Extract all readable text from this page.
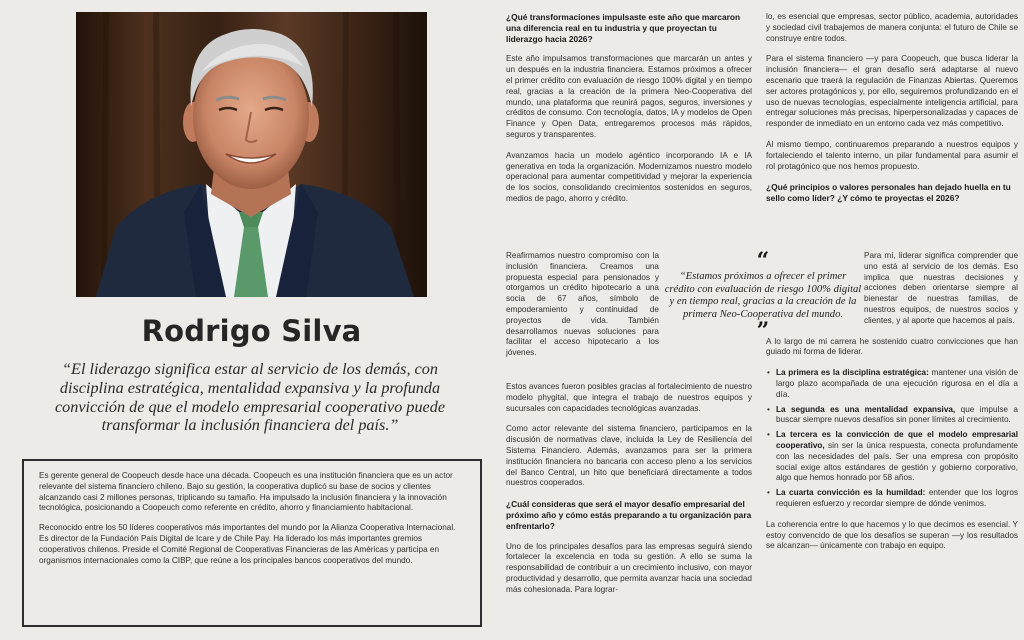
Rodrigo Silva
“El liderazgo significa estar al servicio de los demás, con disciplina estratégica, mentalidad expansiva y la profunda convicción de que el modelo empresarial cooperativo puede transformar la inclusión financiera del país.”

Es gerente general de Coopeuch desde hace una década. Coopeuch es una institución financiera que es un actor relevante del sistema financiero chileno. Bajo su gestión, la cooperativa duplicó su base de socios y clientes alcanzando casi 2 millones personas, triplicando su tamaño. Ha impulsado la inclusión financiera y la innovación tecnológica, posicionando a Coopeuch como referente en crédito, ahorro y financiamiento habitacional.

Reconocido entre los 50 líderes cooperativos más importantes del mundo por la Alianza Cooperativa Internacional. Es director de la Fundación País Digital de Icare y de Chile Pay. Ha liderado los más importantes gremios cooperativos chilenos. Preside el Comité Regional de Cooperativas Financieras de las Américas y participa en organismos internacionales como la CIBP, que reúne a los principales bancos cooperativos del mundo.

¿Qué transformaciones impulsaste este año que marcaron una diferencia real en tu industria y que proyectan tu liderazgo hacia 2026?

Este año impulsamos transformaciones que marcarán un antes y un después en la industria financiera. Estamos próximos a ofrecer el primer crédito con evaluación de riesgo 100% digital y en tiempo real, gracias a la creación de la primera Neo-Cooperativa del mundo, una plataforma que reunirá pagos, seguros, inversiones y créditos de consumo. Con tecnología, datos, IA y modelos de Open Finance y Open Data, entregaremos procesos más rápidos, seguros y transparentes.

Avanzamos hacia un modelo agéntico incorporando IA e IA generativa en toda la organización. Modernizamos nuestro modelo operacional para aumentar competitividad y mejorar la experiencia de los socios, consolidando crecimientos sostenidos en seguros, medios de pago, ahorro y crédito.

Reafirmamos nuestro compromiso con la inclusión financiera. Creamos una propuesta especial para pensionados y otorgamos un crédito hipotecario a una socia de 67 años, símbolo de empoderamiento y continuidad de proyectos de vida. También desarrollamos nuevas soluciones para facilitar el acceso hipotecario a los jóvenes.

“
“Estamos próximos a ofrecer el primer crédito con evaluación de riesgo 100% digital y en tiempo real, gracias a la creación de la primera Neo-Cooperativa del mundo.
”

Estos avances fueron posibles gracias al fortalecimiento de nuestro modelo phygital, que integra el trabajo de nuestros equipos y sucursales con capacidades tecnológicas avanzadas.

Como actor relevante del sistema financiero, participamos en la discusión de normativas clave, incluida la Ley de Resiliencia del Sistema Financiero. Además, avanzamos para ser la primera institución financiera no bancaria con acceso pleno a los servicios del Banco Central, un hito que beneficiará directamente a todos nuestros cooperados.

¿Cuál consideras que será el mayor desafío empresarial del próximo año y cómo estás preparando a tu organización para enfrentarlo?

Uno de los principales desafíos para las empresas seguirá siendo fortalecer la excelencia en toda su gestión. A ello se suma la responsabilidad de contribuir a un crecimiento inclusivo, con mayor productividad y desarrollo, que permita avanzar hacia una sociedad más cohesionada. Para lograr-

lo, es esencial que empresas, sector público, academia, autoridades y sociedad civil trabajemos de manera conjunta: el futuro de Chile se construye entre todos.

Para el sistema financiero —y para Coopeuch, que busca liderar la inclusión financiera— el gran desafío será adaptarse al nuevo escenario que traerá la regulación de Finanzas Abiertas. Queremos ser actores protagónicos y, por ello, seguiremos profundizando en el uso de nuevas tecnologías, especialmente inteligencia artificial, para entregar soluciones más precisas, hiperpersonalizadas y capaces de responder de inmediato en un entorno cada vez más competitivo.

Al mismo tiempo, continuaremos preparando a nuestros equipos y fortaleciendo el talento interno, un pilar fundamental para asumir el rol protagónico que nos hemos propuesto.

¿Qué principios o valores personales han dejado huella en tu sello como líder? ¿Y cómo te proyectas el 2026?

Para mí, liderar significa comprender que uno está al servicio de los demás. Eso implica que nuestras decisiones y acciones deben orientarse siempre al bienestar de nuestras familias, de nuestros equipos, de nuestros socios y clientes, y al aporte que hacemos al país.

A lo largo de mi carrera he sostenido cuatro convicciones que han guiado mi forma de liderar.

• La primera es la disciplina estratégica: mantener una visión de largo plazo acompañada de una ejecución rigurosa en el día a día.
• La segunda es una mentalidad expansiva, que impulse a buscar siempre nuevos desafíos sin poner límites al crecimiento.
• La tercera es la convicción de que el modelo empresarial cooperativo, sin ser la única respuesta, conecta profundamente con las necesidades del país. Ser una empresa con propósito social exige altos estándares de gestión y gobierno corporativo, algo que hemos honrado por 58 años.
• La cuarta convicción es la humildad: entender que los logros requieren esfuerzo y recordar siempre de dónde venimos.

La coherencia entre lo que hacemos y lo que decimos es esencial. Y estoy convencido de que los desafíos se superan —y los resultados se alcanzan— únicamente con trabajo en equipo.
